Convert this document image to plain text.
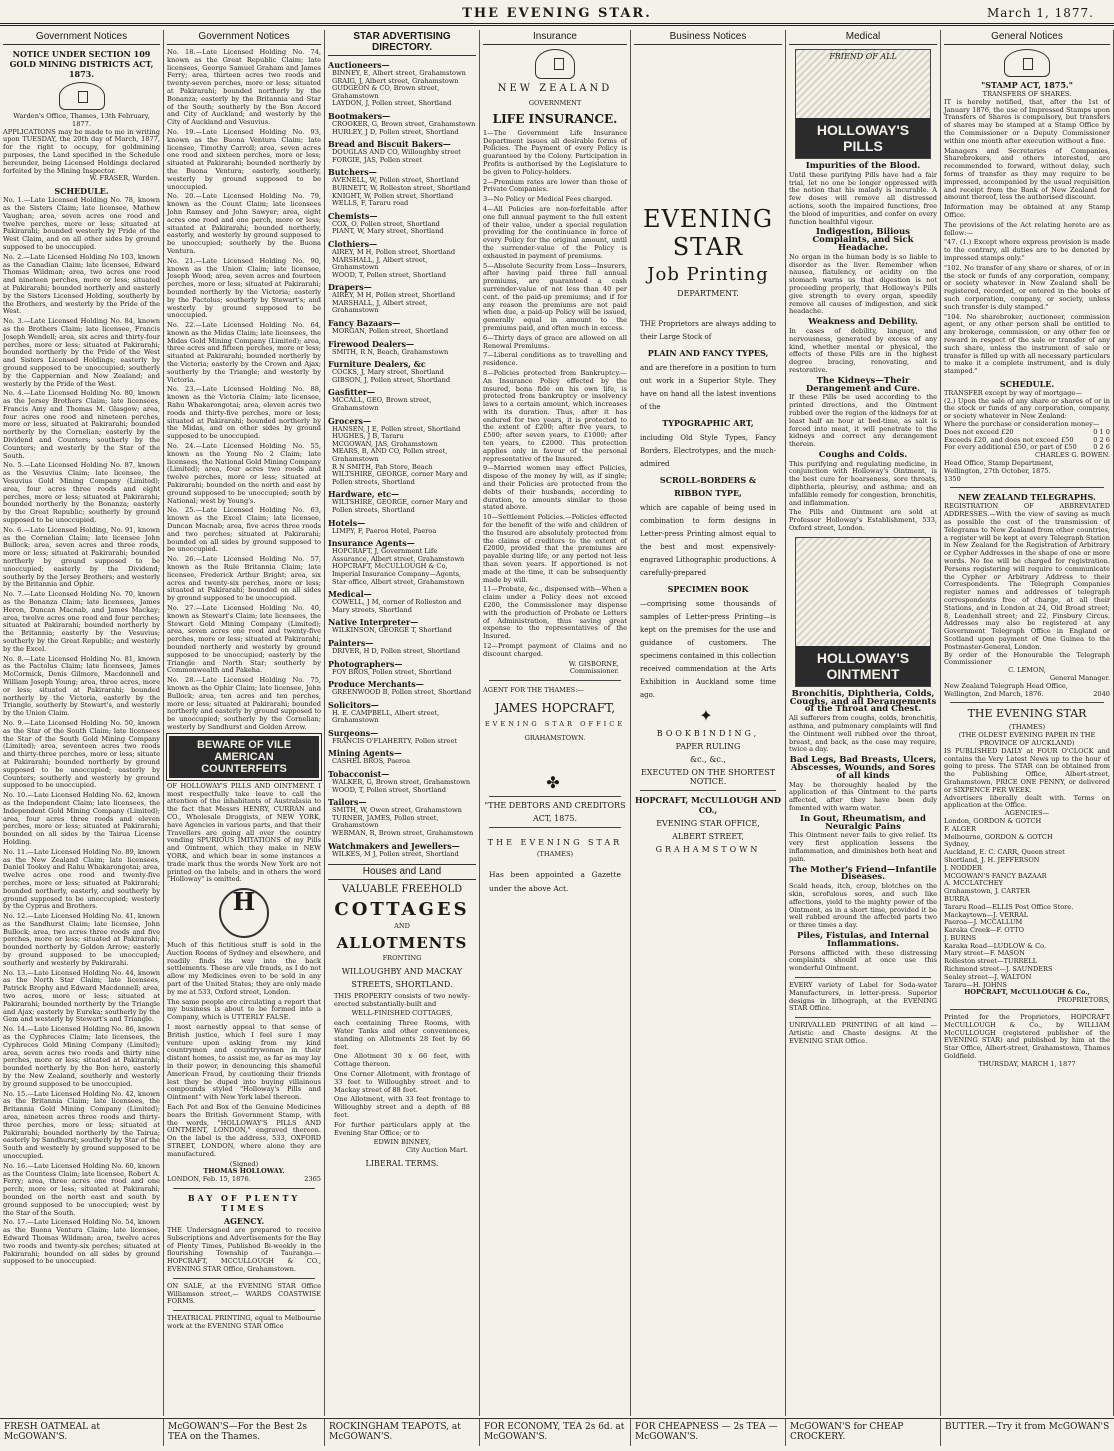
THE EVENING STAR.	March 1, 1877.
Government Notices
NOTICE UNDER SECTION 109 GOLD MINING DISTRICTS ACT, 1873.
Warden's Office, Thames, 13th February, 1877.
APPLICATIONS may be made to me in writing upon TUESDAY, the 20th day of March, 1877, for the right to occupy, for goldmining purposes, the Land specified in the Schedule hereunder, being Licensed Holdings declared forfeited by the Mining Inspector.
W. FRASER, Warden.
SCHEDULE.

No. 1.—Late Licensed Holding No. 78, known as the Sisters Claim; late licensee, Mathew Vaughan; area, seven acres one rood and twelve perches, more or less; situated at Pakirarahi; bounded westerly by Pride of the West Claim, and on all other sides by ground supposed to be unoccupied.

No. 2.—Late Licensed Holding No 103, known as the Canadian Claim; late licensee, Edward Thomas Wildman; area, two acres one rood and nineteen perches, more or less; situated at Pakirarahi; bounded northerly and easterly by the Sisters Licensed Holding, southerly by the Brothers, and westerly by the Pride of the West.

No. 3.—Late Licensed Holding No. 84, known as the Brothers Claim; late licensee, Francis Joseph Wendell; area, six acres and thirty-four perches, more or less; situated at Pakirarahi; bounded northerly by the Pride of the West and Sisters Licensed Holdings; easterly by ground supposed to be unoccupied; southerly by the Cappernian and New Zealand; and westerly by the Pride of the West.

No. 4.—Late Licensed Holding No. 80, known as the Jersey Brothers Claim; late licensees, Francis Amy and Thomas M. Glasgow; area, four acres one rood and nineteen perches, more or less, situated at Pakirarahi; bounded northerly by the Cornelian; easterly by the Dividend and Counters; southerly by the Counters; and westerly by the Star of the South.

No. 5.—Late Licensed Holding No. 87, known as the Vesuvius Claim; late licensee, the Vesuvius Gold Mining Company (Limited); area, four acres three roods and eight perches, more or less; situated at Pakirarahi; bounded northerly by the Bonanza; easterly by the Great Republic; southerly by ground supposed to be unoccupied.

No. 6.—Late Licensed Holding, No. 91, known as the Cornelian Claim; late licensee John Bullock; area, seven acres and three roods, more or less; situated at Pakirarahi; bounded northerly by ground supposed to be unoccupied; easterly by the Dividend; southerly by the Jersey Brothers; and westerly by the Britannia and Ophir.

No. 7.—Late Licensed Holding No. 70, known as the Bonanza Claim; late licensees, James Heron, Duncan Macnab, and James Mackay; area, twelve acres one rood and four perches; situated at Pakirarahi; bounded northerly by the Britannia; easterly by the Vesuvius; southerly by the Great Republic; and westerly by the Excel.

No. 8.—Late Licensed Holding No. 81, known as the Pactolus Claim; late licensees, James McCormick, Denis Gilmore, Macdonnell and William Joseph Young; area, three acres, more or less; situated at Pakirarahi; bounded northerly by the Victoria, easterly by the Triangle, southerly by Stewart's, and westerly by the Union Claim.

No. 9.—Late Licensed Holding No. 50, known as the Star of the South Claim; late licensees the Star of the South Gold Mining Company (Limited); area, seventeen acres two roods and thirty-three perches, more or less; situate at Pakirarahi; bounded northerly by ground supposed to be unoccupied; easterly by Counters; southerly and westerly by ground supposed to be unoccupied.

No. 10.—Late Licensed Holding No. 62, known as the Independent Claim; late licensees, the Independent Gold Mining Company (Limited); area, four acres three roods and eleven perches, more or less; situated at Pakirarahi; bounded on all sides by the Tairua License Holding.

No. 11.—Late Licensed Holding No. 89, known as the New Zealand Claim; late licensees, Daniel Tookey and Rahu Whakarongotai; area, twelve acres one rood and twenty-five perches, more or less; situated at Pakirarahi; bounded northerly, easterly, and southerly by ground supposed to be unoccupied; westerly by the Cyprus and Brothers.

No. 12.—Late Licensed Holding No. 41, known as the Sandhurst Claim; late licensee, John Bullock; area, two acres three roods and five perches, more or less; situated at Pakirarahi; bounded northerly by Golden Arrow; easterly by ground supposed to be unoccupied; southerly and westerly by Pakirarahi.

No. 13.—Late Licensed Holding No. 44, known as the North Star Claim; late licensees, Patrick Brophy and Edward Macdonnell; area, two acres, more or less; situated at Pakirarahi; bounded northerly by the Triangle and Ajax; easterly by Eureka; southerly by the Gem and westerly by Stewart's and Triangle.

No. 14.—Late Licensed Holding No. 86, known as the Cyphreces Claim; late licensees, the Cyphreces Gold Mining Company (Limited); area, seven acres two roods and thirty nine perches, more or less; situated at Pakirarahi; bounded northerly by the Bon hero, easterly by the New Zealand, southerly and westerly by ground supposed to be unoccupied.

No. 15.—Late Licensed Holding No. 42, known as the Britannia Claim; late licensees, the Britannia Gold Mining Company (Limited); area, nineteen acres three roods and thirty-three perches, more or less; situated at Pakirarahi; bounded northerly by the Tairua; easterly by Sandhurst; southerly by Star of the South and westerly by ground supposed to be unoccupied.

No. 16.—Late Licensed Holding No. 60, known as the Countess Claim; late licensee, Robert A. Ferry; area, three acres one rood and one perch, more or less; situated at Pakirarahi; bounded on the north east and south by ground supposed to be unoccupied; west by the Star of the South.

No. 17.—Late Licensed Holding No. 54, known as the Buona Ventura Claim; late licensee, Edward Thomas Wildman; area, twelve acres two roods and twenty-six perches; situated at Pakirarahi; bounded on all sides by ground supposed to be unoccupied.

Government Notices

No. 18.—Late Licensed Holding No. 74, known as the Great Republic Claim; late licensees, George Samuel Graham and James Ferry; area, thirteen acres two roods and twenty-seven perches, more or less; situated at Pakirarahi; bounded northerly by the Bonanza; easterly by the Britannia and Star of the South; southerly by the Bon Accord and City of Auckland; and westerly by the City of Auckland and Vesuvius.

No. 19.—Late Licensed Holding No. 93, known as the Buona Ventura Claim; late licensee, Timothy Carroll; area, seven acres one rood and sixteen perches, more or less; situated at Pakirarahi; bounded northerly by the Buona Ventura; easterly, southerly, westerly by ground supposed to be unoccupied.

No. 20.—Late Licensed Holding No. 79, known as the Count Claim; late licensees John Ramsey and John Sawyer; area, eight acres one rood and one perch, more or less; situated at Pakirarahi; bounded northerly, easterly, and westerly by ground supposed to be unoccupied; southerly by the Buona Ventura.

No. 21.—Late Licensed Holding No. 90, known as the Union Claim; late licensee, Joseph Wood; area, seven acres and fourteen perches, more or less; situated at Pakirarahi; bounded northerly by the Victoria; easterly by the Pactolus; southerly by Stewart's; and westerly by ground supposed to be unoccupied.

No. 22.—Late Licensed Holding No. 64, known as the Midas Claim; late licensees, the Midas Gold Mining Company (Limited); area, three acres and fifteen perches, more or less; situated at Pakirarahi; bounded northerly by the Victoria; easterly by the Crown and Ajax; southerly by the Triangle; and westerly by Victoria.

No. 23.—Late Licensed Holding No. 88, known as the Victoria Claim; late licensee, Rahu Whakarongotai; area, eleven acres two roods and thirty-five perches, more or less; situated at Pakirarahi; bounded northerly by the Midas, and on other sides by ground supposed to be unoccupied.

No. 24.—Late Licensed Holding No. 55, known as the Young No 2 Claim; late licensees, the National Gold Mining Company (Limited); area, four acres two roods and twelve perches, more or less; situated at Pakirarahi; bounded on the north and east by ground supposed to be unoccupied; south by National; west by Young's.

No. 25.—Late Licensed Holding No. 63, known as the Excel Claim; late licensee, Duncan Macnab; area, five acres three roods and two perches; situated at Pakirarahi; bounded on all sides by ground supposed to be unoccupied.

No. 26.—Late Licensed Holding No. 57, known as the Rule Britannia Claim; late licensee, Frederick Arthur Bright; area, six acres and twenty-six perches, more or less; situated at Pakirarahi; bounded on all sides by ground supposed to be unoccupied.

No. 27.—Late Licensed Holding No. 40, known as Stewart's Claim; late licensees, the Stewart Gold Mining Company (Limited); area, seven acres one rood and twenty-five perches, more or less; situated at Pakirarahi; bounded northerly and westerly by ground supposed to be unoccupied; easterly by the Triangle and North Star; southerly by Commonwealth and Pakeha.

No. 28.—Late Licensed Holding No. 75, known as the Ophir Claim; late licensee, John Bullock; area, ten acres and ten perches, more or less; situated at Pakirarahi; bounded northerly and easterly by ground supposed to be unoccupied; southerly by the Cornelian; westerly by Sandhurst and Golden Arrow.

BEWARE OF VILE
AMERICAN COUNTERFEITS

OF HOLLOWAY'S PILLS AND OINTMENT. I most respectfully take leave to call the attention of the inhabitants of Australasia to the fact that Messrs HENRY, CURRAN and CO., Wholesale Druggists, of NEW YORK, have Agencies in various parts, and that their Travellers are going all over the country vending SPURIOUS IMITATIONS of my Pills and Ointment, which they make in NEW YORK, and which bear in some instances a trade mark thus the words New York are not printed on the labels; and in others the word "Holloway" is omitted.

H

Much of this fictitious stuff is sold in the Auction Rooms of Sydney and elsewhere, and readily finds its way into the back settlements. These are vile frauds, as I do not allow my Medicines even to be sold in any part of the United States; they are only made by me at 533, Oxford street, London.

The same people are circulating a report that my business is about to be formed into a Company, which is UTTERLY FALSE.

I most earnestly appeal to that sense of British justice, which I feel sure I may venture upon asking from my kind countrymen and countrywomen in their distant homes, to assist me, as far as may lay in their power, in denouncing this shameful American Fraud, by cautioning their friends lest they be duped into buying villainous compounds styled "Holloway's Pills and Ointment" with New York label thereon.

Each Pot and Box of the Genuine Medicines bears the British Government Stamp, with the words, "HOLLOWAY'S PILLS AND OINTMENT, LONDON," engraved thereon. On the label is the address, 533, OXFORD STREET, LONDON, where alone they are manufactured.

(Signed)
THOMAS HOLLOWAY.
LONDON, Feb. 15, 1876.	2365
BAY OF PLENTY TIMES
AGENCY.
THE Undersigned are prepared to receive Subscriptions and Advertisements for the Bay of Plenty Times, Published Bi-weekly in the flourishing Township of Tauranga.—HOPCRAFT, MCCULLOUGH & CO., EVENING STAR Office, Grahamstown.
ON SALE, at the EVENING STAR Office Williamson street,— WARDS COASTWISE FORMS.
THEATRICAL PRINTING, equal to Melbourne work at the EVENING STAR Office
STAR ADVERTISING DIRECTORY.
Auctioneers—
BINNEY, E, Albert street, Grahamstown
GRAIG, J, Albert street, Grahamstown
GUDGEON & CO, Brown street, Grahamstown
LAYDON, J, Pollen street, Shortland
Bootmakers—
CROOKER, G, Brown street, Grahamstown
HURLEY, J D, Pollen street, Shortland
Bread and Biscuit Bakers—
DOUGLAS AND CO, Willoughby street
FORGIE, JAS, Pollen street
Butchers—
AVENELL, W, Pollen street, Shortland
BURNETT, W, Rolleston street, Shortland
KNIGHT, W, Pollen street, Shortland
WELLS, F, Tararu road
Chemists—
COX, O, Pollen street, Shortland
PIANT, W, Mary street, Shortland
Clothiers—
AIREY, M H, Pollen street, Shortland
MARSHALL, J, Albert street, Grahamstown
WOOD, T, Pollen street, Shortland
Drapers—
AIREY, M H, Pollen street, Shortland
MARSHALL, J, Albert street, Grahamstown
Fancy Bazaars—
MORGAN, Pollen street, Shortland
Firewood Dealers—
SMITH, R N, Beach, Grahamstown
Furniture Dealers, &c
COCKS, J, Mary street, Shortland
GIBSON, J, Pollen street, Shortland
Gasfitter—
MCCALL, GEO, Brown street, Grahamstown
Grocers—
HANSEN, J E, Pollen street, Shortland
HUGHES, J B, Tararu
MCGOWAN, JAS, Grahamstown
MEARS, B, AND CO, Pollen street, Grahamstown
R N SMITH, Pah Store, Beach
WILTSHIRE, GEORGE, corner Mary and Pollen streets, Shortland
Hardware, etc—
WILTSHIRE, GEORGE, corner Mary and Pollen streets, Shortland
Hotels—
LIMPY, F, Paeroa Hotel, Paeroa
Insurance Agents—
HOPCRAFT, J, Government Life Assurance, Albert street, Grahamstown
HOPCRAFT, McCULLOUGH & Co, Imperial Insurance Company—Agents, Star office, Albert street, Grahamstown
Medical—
COWELL, J M, corner of Rolleston and Mary streets, Shortland
Native Interpreter—
WILKINSON, GEORGE T, Shortland
Painters—
DRIVER, H D, Pollen street, Shortland
Photographers—
FOY BROS, Pollen street, Shortland
Produce Merchants—
GREENWOOD B, Pollen street, Shortland
Solicitors—
H. E. CAMPBELL, Albert street, Grahamstown
Surgeons—
FRANCIS O'FLAHERTY, Pollen street
Mining Agents—
CASHEL BROS, Paeroa
Tobacconist—
WALKER, G, Brown street, Grahamstown
WOOD, T, Pollen street, Shortland
Tailors—
SMITH, W, Owen street, Grahamstown
TURNER, JAMES, Pollen street, Grahamstown
WERMAN, R, Brown street, Grahamstown
Watchmakers and Jewellers—
WILKES, M J, Pollen street, Shortland
Houses and Land
VALUABLE FREEHOLD
COTTAGES
AND
ALLOTMENTS
FRONTING
WILLOUGHBY AND MACKAY
STREETS, SHORTLAND.

THIS PROPERTY consists of two newly-erected substantially-built and

WELL-FINISHED COTTAGES,

each containing Three Rooms, with Water Tanks and other conveniences, standing on Allotments 28 feet by 66 feet.

One Allotment 30 x 66 feet, with Cottage thereon.

One Corner Allotment, with frontage of 33 feet to Willoughby street and to Mackay street of 88 feet.

One Allotment, with 33 feet frontage to Willoughby street and a depth of 88 feet.

For further particulars apply at the Evening Star Office; or to

EDWIN BINNEY,
City Auction Mart.
LIBERAL TERMS.
Insurance
NEW ZEALAND
GOVERNMENT
LIFE INSURANCE.

1—The Government Life Insurance Department issues all desirable forms of Policies. The Payment of every Policy is guaranteed by the Colony. Participation in Profits is authorised by the Legislature to be given to Policy-holders.

2—Premium rates are lower than those of Private Companies.

3—No Policy or Medical Fees charged.

4—All Policies are non-forfeitable after one full annual payment to the full extent of their value, under a special regulation providing for the continuance in force of every Policy for the original amount, until the surrender-value of the Policy is exhausted in payment of premiums.

5—Absolute Security from Loss—Insurers, after having paid three full annual premiums, are guaranteed a cash surrender-value of not less than 40 per cent. of the paid-up premiums; and if for any reason the premiums are not paid when due, a paid-up Policy will be issued, generally equal in amount to the premiums paid, and often much in excess.

6—Thirty days of grace are allowed on all Renewal Premiums.

7—Liberal conditions as to travelling and residence.

8—Policies protected from Bankruptcy.—An Insurance Policy effected by the insured, bona fide on his own life, is protected from bankruptcy or insolvency laws to a certain amount, which increases with its duration. Thus, after it has endured for two years, it is protected to the extent of £200; after five years, to £500; after seven years, to £1000; after ten years, to £2000. This protection applies only in favour of the personal representative of the Insured.

9—Married women may effect Policies, dispose of the money by will, as if single; and their Policies are protected from the debts of their husbands, according to duration, to amounts similar to those stated above.

10—Settlement Policies.—Policies effected for the benefit of the wife and children of the Insured are absolutely protected from the claims of creditors to the extent of £2000, provided that the premiums are payable during life, or any period not less than seven years. If apportioned is not made at the time, it can be subsequently made by will.

11—Probate, &c., dispensed with—When a claim under a Policy does not exceed £200, the Commissioner may dispense with the production of Probate or Letters of Administration, thus saving great expense to the representatives of the Insured.

12—Prompt payment of Claims and no discount charged.

W. GISBORNE,
Commissioner.
AGENT FOR THE THAMES:—
JAMES HOPCRAFT,
EVENING STAR OFFICE
GRAHAMSTOWN.
✤
"THE DEBTORS AND CREDITORS
ACT, 1875.
THE EVENING STAR
(THAMES)
Has been appointed a Gazette under the above Act.
Business Notices
EVENING STAR
Job Printing
DEPARTMENT.

THE Proprietors are always adding to their Large Stock of

PLAIN AND FANCY TYPES,

and are therefore in a position to turn out work in a Superior Style. They have on hand all the latest inventions of the

TYPOGRAPHIC ART,

including Old Style Types, Fancy Borders, Electrotypes, and the much-admired

SCROLL-BORDERS & RIBBON TYPE,

which are capable of being used in combination to form designs in Letter-press Printing almost equal to the best and most expensively-engraved Lithographic productions. A carefully-prepared

SPECIMEN BOOK

—comprising some thousands of samples of Letter-press Printing—is kept on the premises for the use and guidance of customers. The specimens contained in this collection received commendation at the Arts Exhibition in Auckland some time ago.

✦
BOOKBINDING,
PAPER RULING
&c., &c.,
EXECUTED ON THE SHORTEST NOTICE.
HOPCRAFT, McCULLOUGH AND CO.,
EVENING STAR OFFICE,
ALBERT STREET,
GRAHAMSTOWN
Medical
FRIEND OF ALL
HOLLOWAY'S PILLS
Impurities of the Blood.

Until these purifying Pills have had a fair trial, let no one be longer oppressed with the notion that his malady is incurable. A few doses will remove all distressed actions, sooth the impaired functions, free the blood of impurities, and confer on every function healthful vigour.

Indigestion, Bilious Complaints, and Sick Headache.

No organ in the human body is so liable to disorder as the liver. Remember when nausea, flatulency, or acidity on the stomach warns us that digestion is not proceeding properly, that Holloway's Pills give strength to every organ, speedily remove all causes of indigestion, and sick headache.

Weakness and Debility.

In cases of debility, languor, and nervousness, generated by excess of any kind, whether mental or physical, the effects of these Pills are in the highest degree bracing, renovating, and restorative.

The Kidneys—Their Derangement and Cure.

If these Pills be used according to the printed directions, and the Ointment rubbed over the region of the kidneys for at least half an hour at bed-time, as salt is forced into meat, it will penetrate to the kidneys and correct any derangement therein.

Coughs and Colds.

This purifying and regulating medicine, in conjunction with Holloway's Ointment, is the best cure for hoarseness, sore throats, diphtheria, pleurisy, and asthma; and an infallible remedy for congestion, bronchitis, and inflammation.

The Pills and Ointment are sold at Professor Holloway's Establishment, 533, Oxford street, London.
HOLLOWAY'S OINTMENT
Bronchitis, Diphtheria, Colds, Coughs, and all Derangements of the Throat and Chest.

All sufferers from coughs, colds, bronchitis, asthma, and pulmonary complaints will find the Ointment well rubbed over the throat, breast, and back, as the case may require, twice a day.

Bad Legs, Bad Breasts, Ulcers, Abscesses, Wounds, and Sores of all kinds

May be thoroughly healed by the application of this Ointment to the parts affected, after they have been duly fomented with warm water.

In Gout, Rheumatism, and Neuralgic Pains

This Ointment never fails to give relief. Its very first application lessens the inflammation, and diminishes both heat and pain.

The Mother's Friend—Infantile Diseases.

Scald heads, itch, croup, blotches on the skin, scrofulous sores, and such like affections, yield to the mighty power of the Ointment, as in a short time, provided it be well rubbed around the affected parts two or three times a day.

Piles, Fistulas, and Internal Inflammations.

Persons afflicted with these distressing complaints should at once use this wonderful Ointment.

EVERY variety of Label for Soda-water Manufacturers, in letter-press. Superior designs in lithograph, at the EVENING STAR Office.
UNRIVALLED PRINTING of all kind —Artistic and Chaste designs. At the EVENING STAR Office.
General Notices
"STAMP ACT, 1875."
TRANSFERS OF SHARES.

IT is hereby notified, that, after the 1st of January 1876, the use of Impressed Stamps upon Transfers of Shares is compulsory, but transfers of shares may be stamped at a Stamp Office by the Commissioner or a Deputy Commissioner within one month after execution without a fine.

Managers and Secretaries of Companies, Sharebrokers, and others interested, are recommended to forward, without delay, such forms of transfer as they may require to be impressed, accompanied by the usual requisition and receipt from the Bank of New Zealand for amount thereof, less the authorised discount.

Information may be obtained at any Stamp Office.

The provisions of the Act relating hereto are as follow:—

"47. (1.) Except where express provision is made to the contrary, all duties are to be denoted by impressed stamps only."

"102. No transfer of any share or shares, of or in the stock or funds of any corporation, company, or society whatever in New Zealand shall be registered, recorded, or entered in the books of such corporation, company, or society, unless such transfer is duly stamped."

"104. No sharebroker, auctioneer, commission agent, or any other person shall be entitled to any brokerage, commission, or any other fee or reward in respect of the sale or transfer of any such share, unless the instrument of sale or transfer is filled up with all necessary particulars to make it a complete instrument, and is duly stamped."

SCHEDULE.
TRANSFER except by way of mortgage—
(2.) Upon the sale of any share or shares of or in the stock or funds of any corporation, company, or society whatever in New Zealand:
Where the purchase or consideration money—
Does not exceed £20	0 1 0
Exceeds £20, and does not exceed £50	0 2 6
For every additional £50, or part of £50	0 2 6
CHARLES G. BOWEN.
Head Office, Stamp Department,
Wellington, 27th October, 1875.
1350
NEW ZEALAND TELEGRAPHS.
REGISTRATION OF ABBREVIATED ADDRESSES.—With the view of saving as much as possible the cost of the transmission of Telegrams to New Zealand from other countries, a register will be kept at every Telegraph Station in New Zealand for the Registration of Arbitrary or Cypher Addresses in the shape of one or more words. No fee will be charged for registration. Persons registering will require to communicate the Cypher or Arbitrary Address to their Correspondents. The Telegraph Companies register names and addresses of telegraph correspondents free of charge, at all their Stations, and in London at 24, Old Broad street; 8, Leadenhall street; and 22, Finsbury Circus. Addresses may also be registered at any Government Telegraph Office in England or Scotland upon payment of One Guinea to the Postmaster-General, London.
By order of the Honourable the Telegraph Commissioner
C. LEMON,
General Manager.
New Zealand Telegraph Head Office,
Wellington, 2nd March, 1876.	2040
THE EVENING STAR
(THAMES)
(THE OLDEST EVENING PAPER IN THE PROVINCE OF AUCKLAND)
IS PUBLISHED DAILY at FOUR O'CLOCK and contains the Very Latest News up to the hour of going to press. The STAR can be obtained from the Publishing Office, Albert-street, Grahamstown, PRICE ONE PENNY, or delivered or SIXPENCE PER WEEK.
Advertisers liberally dealt with. Terms on application at the Office.
AGENCIES—
London, GORDON & GOTCH
F. ALGER
Melbourne, GORDON & GOTCH
Sydney,
Auckland, E. C. CARR, Queen street
Shortland, J. H. JEFFERSON
J. NODDER
MCGOWAN'S FANCY BAZAAR
A. MCCLATCHEY
Grahamstown, J. CARTER
BURRA
Tararu Road—ELLIS Post Office Store.
Mackaytown—J. VERRAL
Paeroa—J. MCCALLUM
Karaka Creek—F. OTTO
J. BURNS
Karaka Road—LUDLOW & Co.
Mary street—F. MASON
Rolleston street—TURRELL
Richmond street—J. SAUNDERS
Sealey street—J. WALTON
Tararu—H. JOHNS
HOPCRAFT, McCULLOUGH & Co.,
PROPRIETORS,
Printed for the Proprietors, HOPCRAFT McCULLOUGH & Co., by WILLIAM McCULLOUGH (registered publisher of the EVENING STAR) and published by him at the Star Office, Albert-street, Grahamstown, Thames Goldfield.
THURSDAY, MARCH 1, 1877
FRESH OATMEAL at McGOWAN'S.
McGOWAN'S—For the Best 2s TEA on the Thames.
ROCKINGHAM TEAPOTS, at McGOWAN'S.
FOR ECONOMY, TEA 2s 6d. at McGOWAN'S.
FOR CHEAPNESS — 2s TEA — McGOWAN'S.
McGOWAN'S for CHEAP CROCKERY.
BUTTER.—Try it from McGOWAN'S
